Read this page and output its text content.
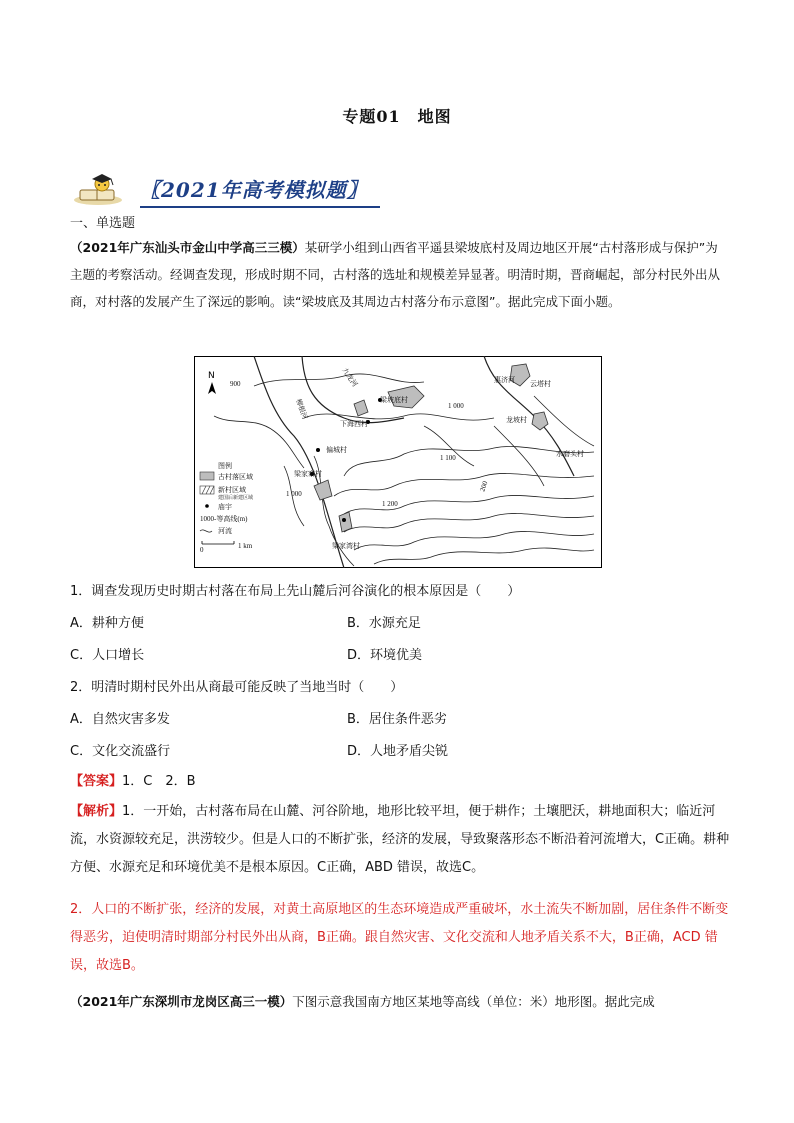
专题01　地图
〖2021年高考模拟题〗
一、单选题
（2021年广东汕头市金山中学高三三模）某研学小组到山西省平遥县梁坡底村及周边地区开展“古村落形成与保护”为主题的考察活动。经调查发现，形成时期不同，古村落的选址和规模差异显著。明清时期，晋商崛起，部分村民外出从商，对村落的发展产生了深远的影响。读“梁坡底及其周边古村落分布示意图”。据此完成下面小题。
N
900
柳根河
九龙河
梁坡底村
下海西村
1 000
惠济河 云塔村
龙坡村
水磨头村
偏城村
梁家寨村
1 100
1 000
1 200
200
梁家湾村
图例
古村落区域
新村区域
建国后新建区域
庙宇
1000-等高线(m)
河流
0	1 km
1．调查发现历史时期古村落在布局上先山麓后河谷演化的根本原因是（　　）
A．耕种方便	B．水源充足
C．人口增长	D．环境优美
2．明清时期村民外出从商最可能反映了当地当时（　　）
A．自然灾害多发	B．居住条件恶劣
C．文化交流盛行	D．人地矛盾尖锐
【答案】1．C　2．B
【解析】1．一开始，古村落布局在山麓、河谷阶地，地形比较平坦，便于耕作；土壤肥沃，耕地面积大；临近河流，水资源较充足，洪涝较少。但是人口的不断扩张，经济的发展，导致聚落形态不断沿着河流增大，C正确。耕种方便、水源充足和环境优美不是根本原因。C正确，ABD 错误，故选C。
2．人口的不断扩张，经济的发展，对黄土高原地区的生态环境造成严重破坏，水土流失不断加剧，居住条件不断变得恶劣，迫使明清时期部分村民外出从商，B正确。跟自然灾害、文化交流和人地矛盾关系不大，B正确，ACD 错误，故选B。
（2021年广东深圳市龙岗区高三一模）下图示意我国南方地区某地等高线（单位：米）地形图。据此完成
